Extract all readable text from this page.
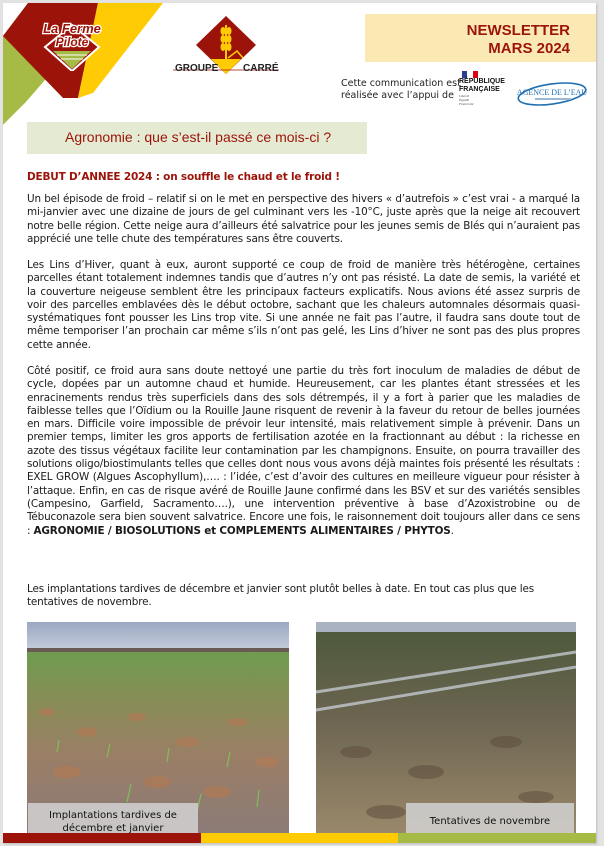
La Ferme
Pilote
GROUPE CARRÉ
NEWSLETTER
MARS 2024
Cette communication est
réalisée avec l’appui de
RÉPUBLIQUE
FRANÇAISE
Liberté
Égalité
Fraternité
AGENCE DE L’EAU
Agronomie : que s’est-il passé ce mois-ci ?
DEBUT D’ANNEE 2024 : on souffle le chaud et le froid !

Un bel épisode de froid – relatif si on le met en perspective des hivers « d’autrefois » c’est vrai - a marqué la mi-janvier avec une dizaine de jours de gel culminant vers les -10°C, juste après que la neige ait recouvert notre belle région. Cette neige aura d’ailleurs été salvatrice pour les jeunes semis de Blés qui n’auraient pas apprécié une telle chute des températures sans être couverts.

Les Lins d’Hiver, quant à eux, auront supporté ce coup de froid de manière très hétérogène, certaines parcelles étant totalement indemnes tandis que d’autres n’y ont pas résisté. La date de semis, la variété et la couverture neigeuse semblent être les principaux facteurs explicatifs. Nous avions été assez surpris de voir des parcelles emblavées dès le début octobre, sachant que les chaleurs automnales désormais quasi-systématiques font pousser les Lins trop vite. Si une année ne fait pas l’autre, il faudra sans doute tout de même temporiser l’an prochain car même s’ils n’ont pas gelé, les Lins d’hiver ne sont pas des plus propres cette année.

Côté positif, ce froid aura sans doute nettoyé une partie du très fort inoculum de maladies de début de cycle, dopées par un automne chaud et humide. Heureusement, car les plantes étant stressées et les enracinements rendus très superficiels dans des sols détrempés, il y a fort à parier que les maladies de faiblesse telles que l’Oïdium ou la Rouille Jaune risquent de revenir à la faveur du retour de belles journées en mars. Difficile voire impossible de prévoir leur intensité, mais relativement simple à prévenir. Dans un premier temps, limiter les gros apports de fertilisation azotée en la fractionnant au début : la richesse en azote des tissus végétaux facilite leur contamination par les champignons. Ensuite, on pourra travailler des solutions oligo/biostimulants telles que celles dont nous vous avons déjà maintes fois présenté les résultats : EXEL GROW (Algues Ascophyllum),…. : l’idée, c’est d’avoir des cultures en meilleure vigueur pour résister à l’attaque. Enfin, en cas de risque avéré de Rouille Jaune confirmé dans les BSV et sur des variétés sensibles (Campesino, Garfield, Sacramento….), une intervention préventive à base d’Azoxistrobine ou de Tébuconazole sera bien souvent salvatrice. Encore une fois, le raisonnement doit toujours aller dans ce sens : AGRONOMIE / BIOSOLUTIONS et COMPLEMENTS ALIMENTAIRES / PHYTOS.

Les implantations tardives de décembre et janvier sont plutôt belles à date. En tout cas plus que les tentatives de novembre.

Implantations tardives de décembre et janvier
Tentatives de novembre
